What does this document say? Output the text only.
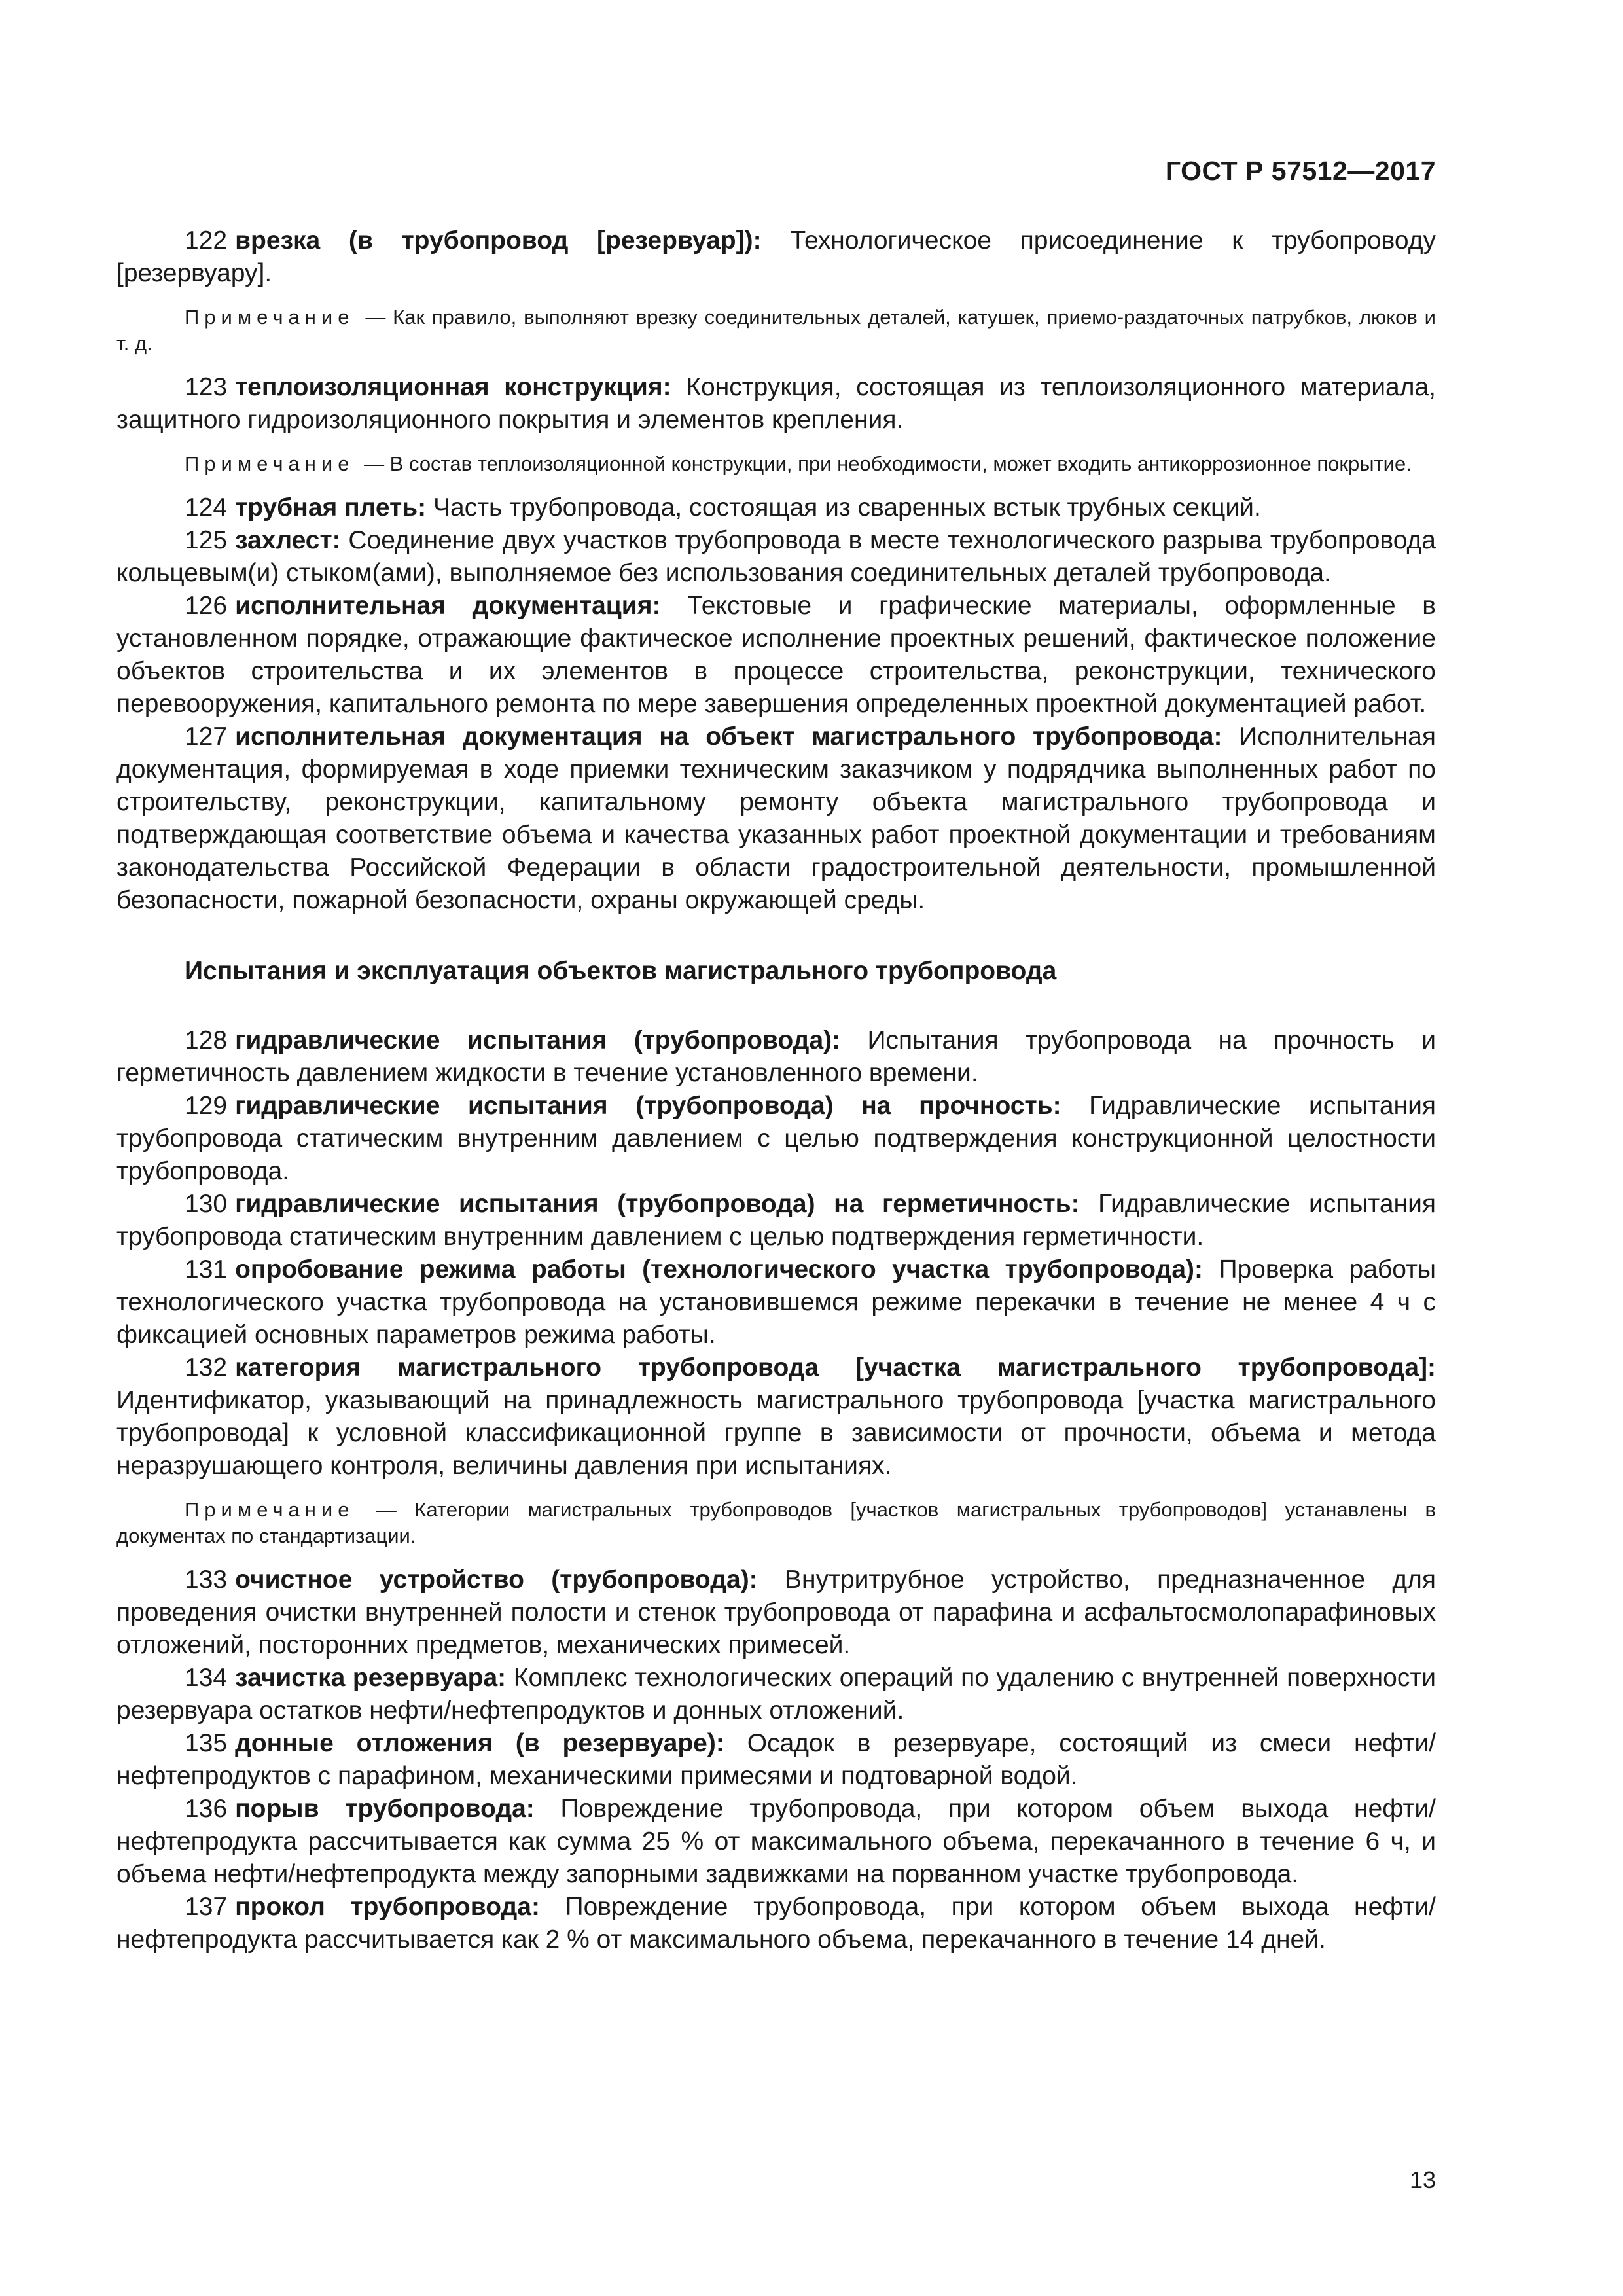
ГОСТ Р 57512—2017

122 врезка (в трубопровод [резервуар]): Технологическое присоединение к трубопроводу [резервуару].

Примечание — Как правило, выполняют врезку соединительных деталей, катушек, приемо-раздаточных патрубков, люков и т. д.

123 теплоизоляционная конструкция: Конструкция, состоящая из теплоизоляционного материала, защитного гидроизоляционного покрытия и элементов крепления.

Примечание — В состав теплоизоляционной конструкции, при необходимости, может входить антикоррозионное покрытие.

124 трубная плеть: Часть трубопровода, состоящая из сваренных встык трубных секций.

125 захлест: Соединение двух участков трубопровода в месте технологического разрыва трубопровода кольцевым(и) стыком(ами), выполняемое без использования соединительных деталей трубопровода.

126 исполнительная документация: Текстовые и графические материалы, оформленные в установленном порядке, отражающие фактическое исполнение проектных решений, фактическое положение объектов строительства и их элементов в процессе строительства, реконструкции, технического перевооружения, капитального ремонта по мере завершения определенных проектной документацией работ.

127 исполнительная документация на объект магистрального трубопровода: Исполнительная документация, формируемая в ходе приемки техническим заказчиком у подрядчика выполненных работ по строительству, реконструкции, капитальному ремонту объекта магистрального трубопровода и подтверждающая соответствие объема и качества указанных работ проектной документации и требованиям законодательства Российской Федерации в области градостроительной деятельности, промышленной безопасности, пожарной безопасности, охраны окружающей среды.

Испытания и эксплуатация объектов магистрального трубопровода

128 гидравлические испытания (трубопровода): Испытания трубопровода на прочность и герметичность давлением жидкости в течение установленного времени.

129 гидравлические испытания (трубопровода) на прочность: Гидравлические испытания трубопровода статическим внутренним давлением с целью подтверждения конструкционной целостности трубопровода.

130 гидравлические испытания (трубопровода) на герметичность: Гидравлические испытания трубопровода статическим внутренним давлением с целью подтверждения герметичности.

131 опробование режима работы (технологического участка трубопровода): Проверка работы технологического участка трубопровода на установившемся режиме перекачки в течение не менее 4 ч с фиксацией основных параметров режима работы.

132 категория магистрального трубопровода [участка магистрального трубопровода]: Идентификатор, указывающий на принадлежность магистрального трубопровода [участка магистрального трубопровода] к условной классификационной группе в зависимости от прочности, объема и метода неразрушающего контроля, величины давления при испытаниях.

Примечание — Категории магистральных трубопроводов [участков магистральных трубопроводов] устанавлены в документах по стандартизации.

133 очистное устройство (трубопровода): Внутритрубное устройство, предназначенное для проведения очистки внутренней полости и стенок трубопровода от парафина и асфальтосмолопарафиновых отложений, посторонних предметов, механических примесей.

134 зачистка резервуара: Комплекс технологических операций по удалению с внутренней поверхности резервуара остатков нефти/нефтепродуктов и донных отложений.

135 донные отложения (в резервуаре): Осадок в резервуаре, состоящий из смеси нефти/нефтепродуктов с парафином, механическими примесями и подтоварной водой.

136 порыв трубопровода: Повреждение трубопровода, при котором объем выхода нефти/нефтепродукта рассчитывается как сумма 25 % от максимального объема, перекачанного в течение 6 ч, и объема нефти/нефтепродукта между запорными задвижками на порванном участке трубопровода.

137 прокол трубопровода: Повреждение трубопровода, при котором объем выхода нефти/нефтепродукта рассчитывается как 2 % от максимального объема, перекачанного в течение 14 дней.

13
